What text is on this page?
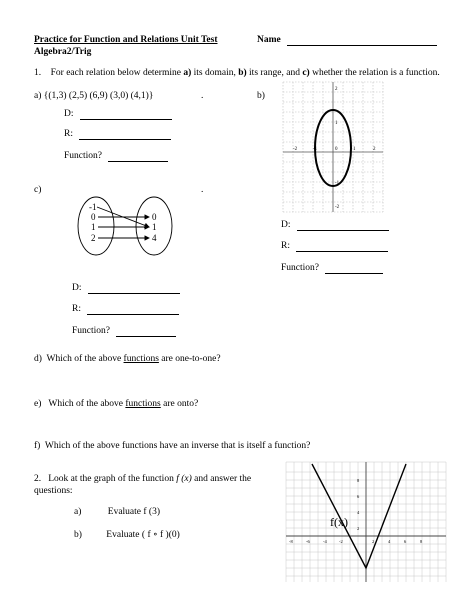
Practice for Function and Relations Unit Test	Name
Algebra2/Trig
1. For each relation below determine a) its domain, b) its range, and c) whether the relation is a function.
a) {(1,3) (2,5) (6,9) (3,0) (4,1)}	.
D:
R:
Function?
b)
2
1
-1
-2
-2	-1	0	1	2
D:
R:
Function?
c)	.
-1
0
1
2
0
1
4
D:
R:
Function?
d) Which of the above functions are one-to-one?
e) Which of the above functions are onto?
f) Which of the above functions have an inverse that is itself a function?
2. Look at the graph of the function f (x) and answer the
questions:
a)	Evaluate f (3)
b)	Evaluate ( f ∘ f )(0)
8
6
4
2
-8	-6	-4	-2	2	4	6	8
f(x)
